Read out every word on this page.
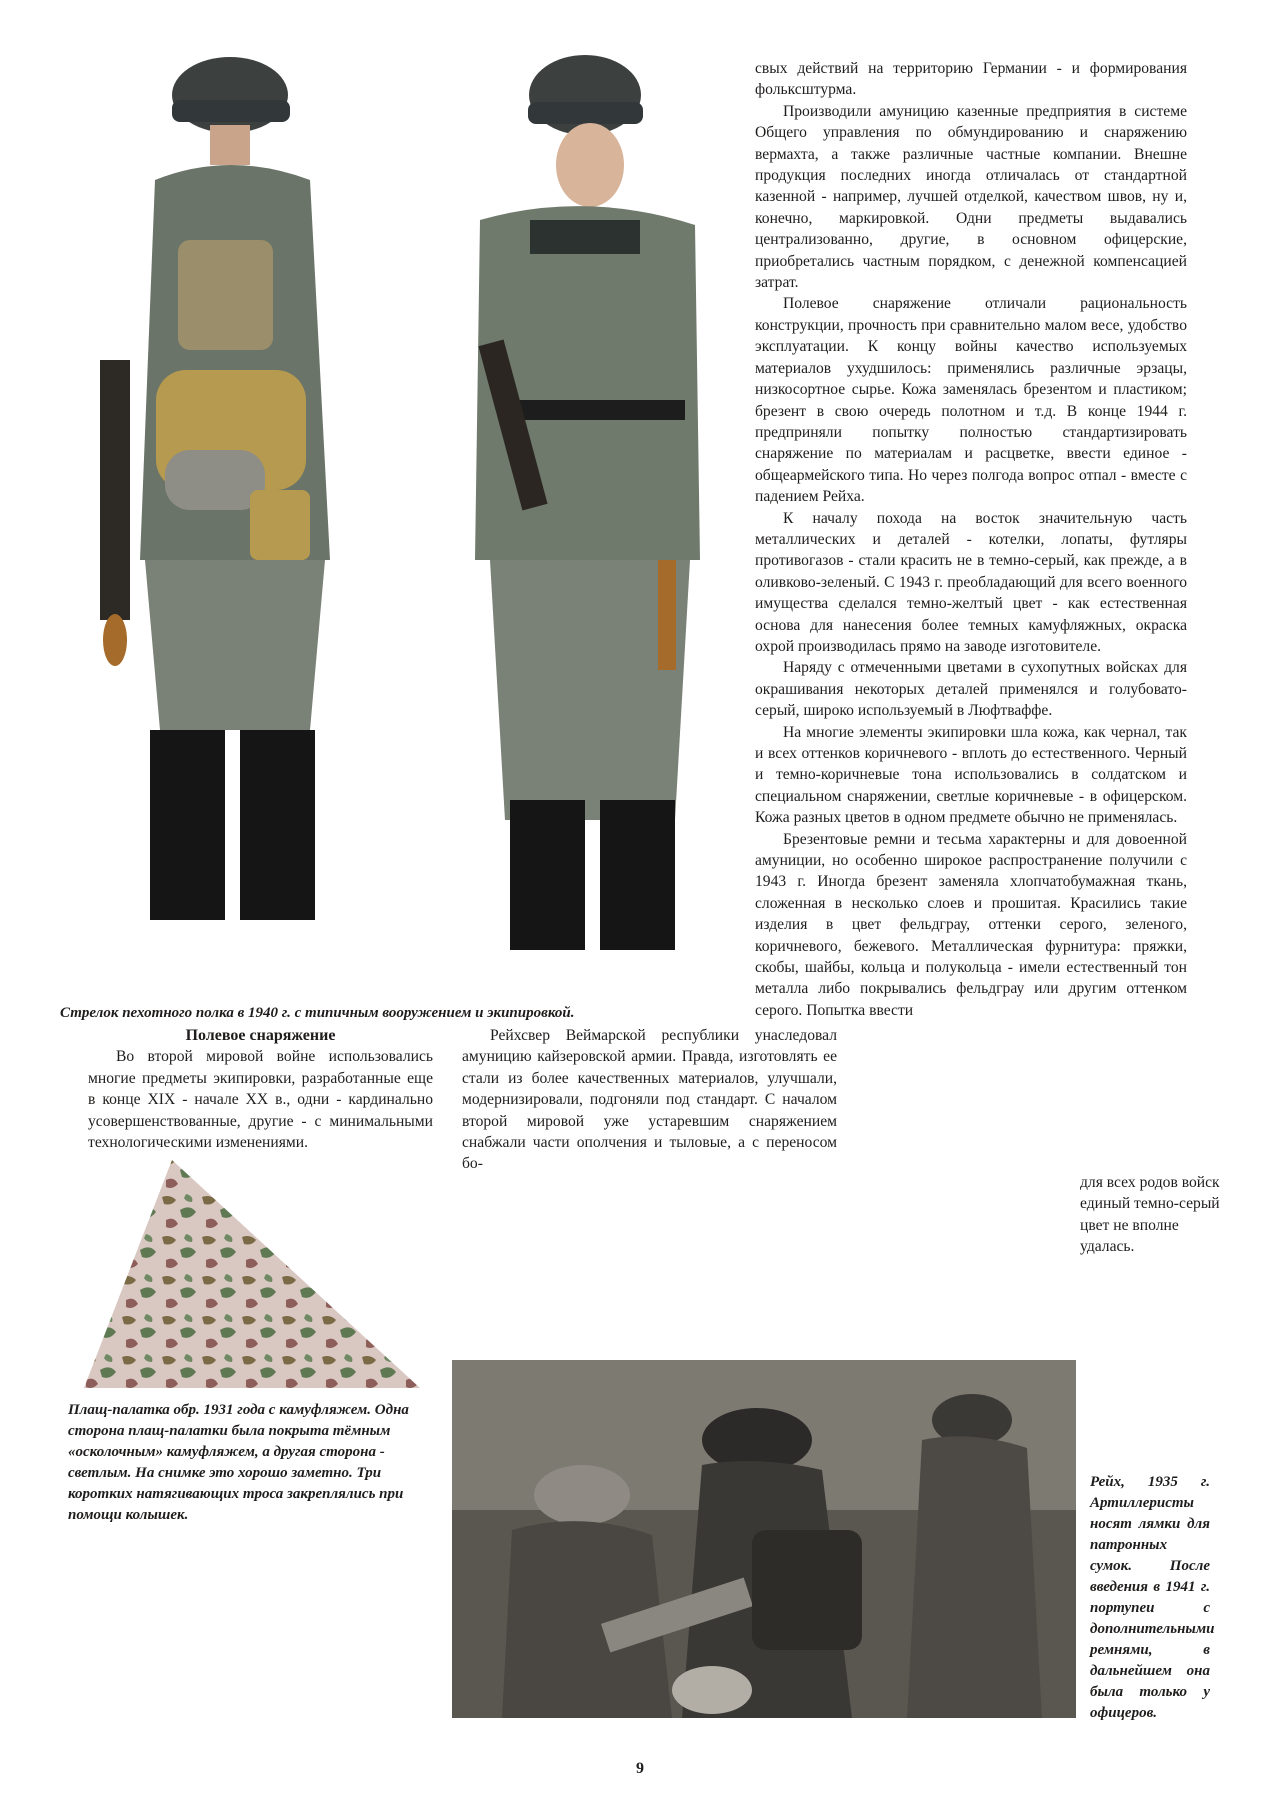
Стрелок пехотного полка в 1940 г. с типичным вооружением и экипировкой.

свых действий на территорию Германии - и формирования фольксштурма.

Производили амуницию казенные предприятия в системе Общего управления по обмундированию и снаряжению вермахта, а также различные частные компании. Внешне продукция последних иногда отличалась от стандартной казенной - например, лучшей отделкой, качеством швов, ну и, конечно, маркировкой. Одни предметы выдавались централизованно, другие, в основном офицерские, приобретались частным порядком, с денежной компенсацией затрат.

Полевое снаряжение отличали рациональность конструкции, прочность при сравнительно малом весе, удобство эксплуатации. К концу войны качество используемых материалов ухудшилось: применялись различные эрзацы, низкосортное сырье. Кожа заменялась брезентом и пластиком; брезент в свою очередь полотном и т.д. В конце 1944 г. предприняли попытку полностью стандартизировать снаряжение по материалам и расцветке, ввести единое - общеармейского типа. Но через полгода вопрос отпал - вместе с падением Рейха.

К началу похода на восток значительную часть металлических и деталей - котелки, лопаты, футляры противогазов - стали красить не в темно-серый, как прежде, а в оливково-зеленый. С 1943 г. преобладающий для всего военного имущества сделался темно-желтый цвет - как естественная основа для нанесения более темных камуфляжных, окраска охрой производилась прямо на заводе изготовителе.

Наряду с отмеченными цветами в сухопутных войсках для окрашивания некоторых деталей применялся и голубовато-серый, широко используемый в Люфтваффе.

На многие элементы экипировки шла кожа, как чернал, так и всех оттенков коричневого - вплоть до естественного. Черный и темно-коричневые тона использовались в солдатском и специальном снаряжении, светлые коричневые - в офицерском. Кожа разных цветов в одном предмете обычно не применялась.

Брезентовые ремни и тесьма характерны и для довоенной амуниции, но особенно широкое распространение получили с 1943 г. Иногда брезент заменяла хлопчатобумажная ткань, сложенная в несколько слоев и прошитая. Красились такие изделия в цвет фельдграу, оттенки серого, зеленого, коричневого, бежевого. Металлическая фурнитура: пряжки, скобы, шайбы, кольца и полукольца - имели естественный тон металла либо покрывались фельдграу или другим оттенком серого. Попытка ввести

для всех родов войск единый темно-серый цвет не вполне удалась.

Полевое снаряжение

Во второй мировой войне использовались многие предметы экипировки, разработанные еще в конце XIX - начале XX в., одни - кардинально усовершенствованные, другие - с минимальными технологическими изменениями.

Рейхсвер Веймарской республики унаследовал амуницию кайзеровской армии. Правда, изготовлять ее стали из более качественных материалов, улучшали, модернизировали, подгоняли под стандарт. С началом второй мировой уже устаревшим снаряжением снабжали части ополчения и тыловые, а с переносом бо-

Плащ-палатка обр. 1931 года с камуфляжем. Одна сторона плащ-палатки была покрыта тёмным «осколочным» камуфляжем, а другая сторона - светлым. На снимке это хорошо заметно. Три коротких натягивающих троса закреплялись при помощи колышек.
Рейх, 1935 г. Артиллеристы носят лямки для патронных сумок. После введения в 1941 г. портупеи с дополнительными ремнями, в дальнейшем она была только у офицеров.
9
